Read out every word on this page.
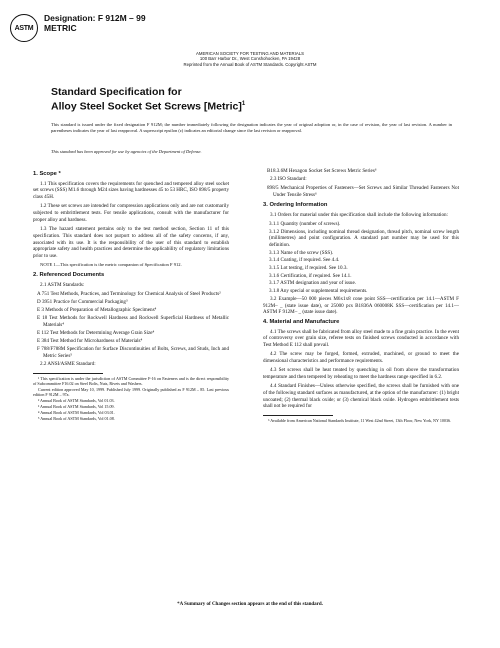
ASTM
Designation: F 912M – 99
METRIC
AMERICAN SOCIETY FOR TESTING AND MATERIALS
100 Barr Harbor Dr., West Conshohocken, PA 19428
Reprinted from the Annual Book of ASTM Standards. Copyright ASTM
Standard Specification for
Alloy Steel Socket Set Screws [Metric]$^1$
This standard is issued under the fixed designation F 912M; the number immediately following the designation indicates the year of original adoption or, in the case of revision, the year of last revision. A number in parentheses indicates the year of last reapproval. A superscript epsilon (ε) indicates an editorial change since the last revision or reapproval.
This standard has been approved for use by agencies of the Department of Defense.
1. Scope *

1.1 This specification covers the requirements for quenched and tempered alloy steel socket set screws (SSS) M1.6 through M24 sizes having hardnesses 45 to 53 HRC, ISO 898/5 property class 45H.

1.2 These set screws are intended for compression applications only and are not customarily subjected to embrittlement tests. For tensile applications, consult with the manufacturer for proper alloy and hardness.

1.3 The hazard statement pertains only to the test method section, Section 11 of this specification. This standard does not purport to address all of the safety concerns, if any, associated with its use. It is the responsibility of the user of this standard to establish appropriate safety and health practices and determine the applicability of regulatory limitations prior to use.

NOTE 1—This specification is the metric companion of Specification F 912.

2. Referenced Documents

2.1 ASTM Standards:

A 751 Test Methods, Practices, and Terminology for Chemical Analysis of Steel Products²

D 3951 Practice for Commercial Packaging³

E 3 Methods of Preparation of Metallographic Specimens⁴

E 18 Test Methods for Rockwell Hardness and Rockwell Superficial Hardness of Metallic Materials⁴

E 112 Test Methods for Determining Average Grain Size⁴

E 384 Test Method for Microhardness of Materials⁴

F 788/F788M Specification for Surface Discontinuities of Bolts, Screws, and Studs, Inch and Metric Series⁵

2.2 ANSI/ASME Standard:

¹ This specification is under the jurisdiction of ASTM Committee F-16 on Fasteners and is the direct responsibility of Subcommittee F16.02 on Steel Bolts, Nuts, Rivets and Washers.

Current edition approved May 10, 1999. Published July 1999. Originally published as F 912M – 85. Last previous edition F 912M – 97a.

² Annual Book of ASTM Standards, Vol 01.03.

³ Annual Book of ASTM Standards, Vol 15.09.

⁴ Annual Book of ASTM Standards, Vol 03.01.

⁵ Annual Book of ASTM Standards, Vol 01.08.

B18.3.6M Hexagon Socket Set Screws Metric Series⁶

2.3 ISO Standard:

898/5 Mechanical Properties of Fasteners—Set Screws and Similar Threaded Fasteners Not Under Tensile Stress⁶

3. Ordering Information

3.1 Orders for material under this specification shall include the following information:

3.1.1 Quantity (number of screws).

3.1.2 Dimensions, including nominal thread designation, thread pitch, nominal screw length (millimetres) and point configuration. A standard part number may be used for this definition.

3.1.3 Name of the screw (SSS).

3.1.4 Coating, if required. See 4.4.

3.1.5 Lot testing, if required. See 10.3.

3.1.6 Certification, if required. See 14.1.

3.1.7 ASTM designation and year of issue.

3.1.8 Any special or supplemental requirements.

3.2 Example—50 000 pieces M6x1x8 cone point SSS—certification per 14.1—ASTM F 912M– _ (state issue date), or 25000 pcs B1836A 060008K SSS—certification per 14.1—ASTM F 912M– _ (state issue date).

4. Material and Manufacture

4.1 The screws shall be fabricated from alloy steel made to a fine grain practice. In the event of controversy over grain size, referee tests on finished screws conducted in accordance with Test Method E 112 shall prevail.

4.2 The screw may be forged, formed, extruded, machined, or ground to meet the dimensional characteristics and performance requirements.

4.3 Set screws shall be heat treated by quenching in oil from above the transformation temperature and then tempered by reheating to meet the hardness range specified in 6.2.

4.4 Standard Finishes—Unless otherwise specified, the screws shall be furnished with one of the following standard surfaces as manufactured, at the option of the manufacturer: (1) bright uncoated; (2) thermal black oxide; or (3) chemical black oxide. Hydrogen embrittlement tests shall not be required for

⁶ Available from American National Standards Institute, 11 West 42nd Street, 13th Floor, New York, NY 10036.

*A Summary of Changes section appears at the end of this standard.
